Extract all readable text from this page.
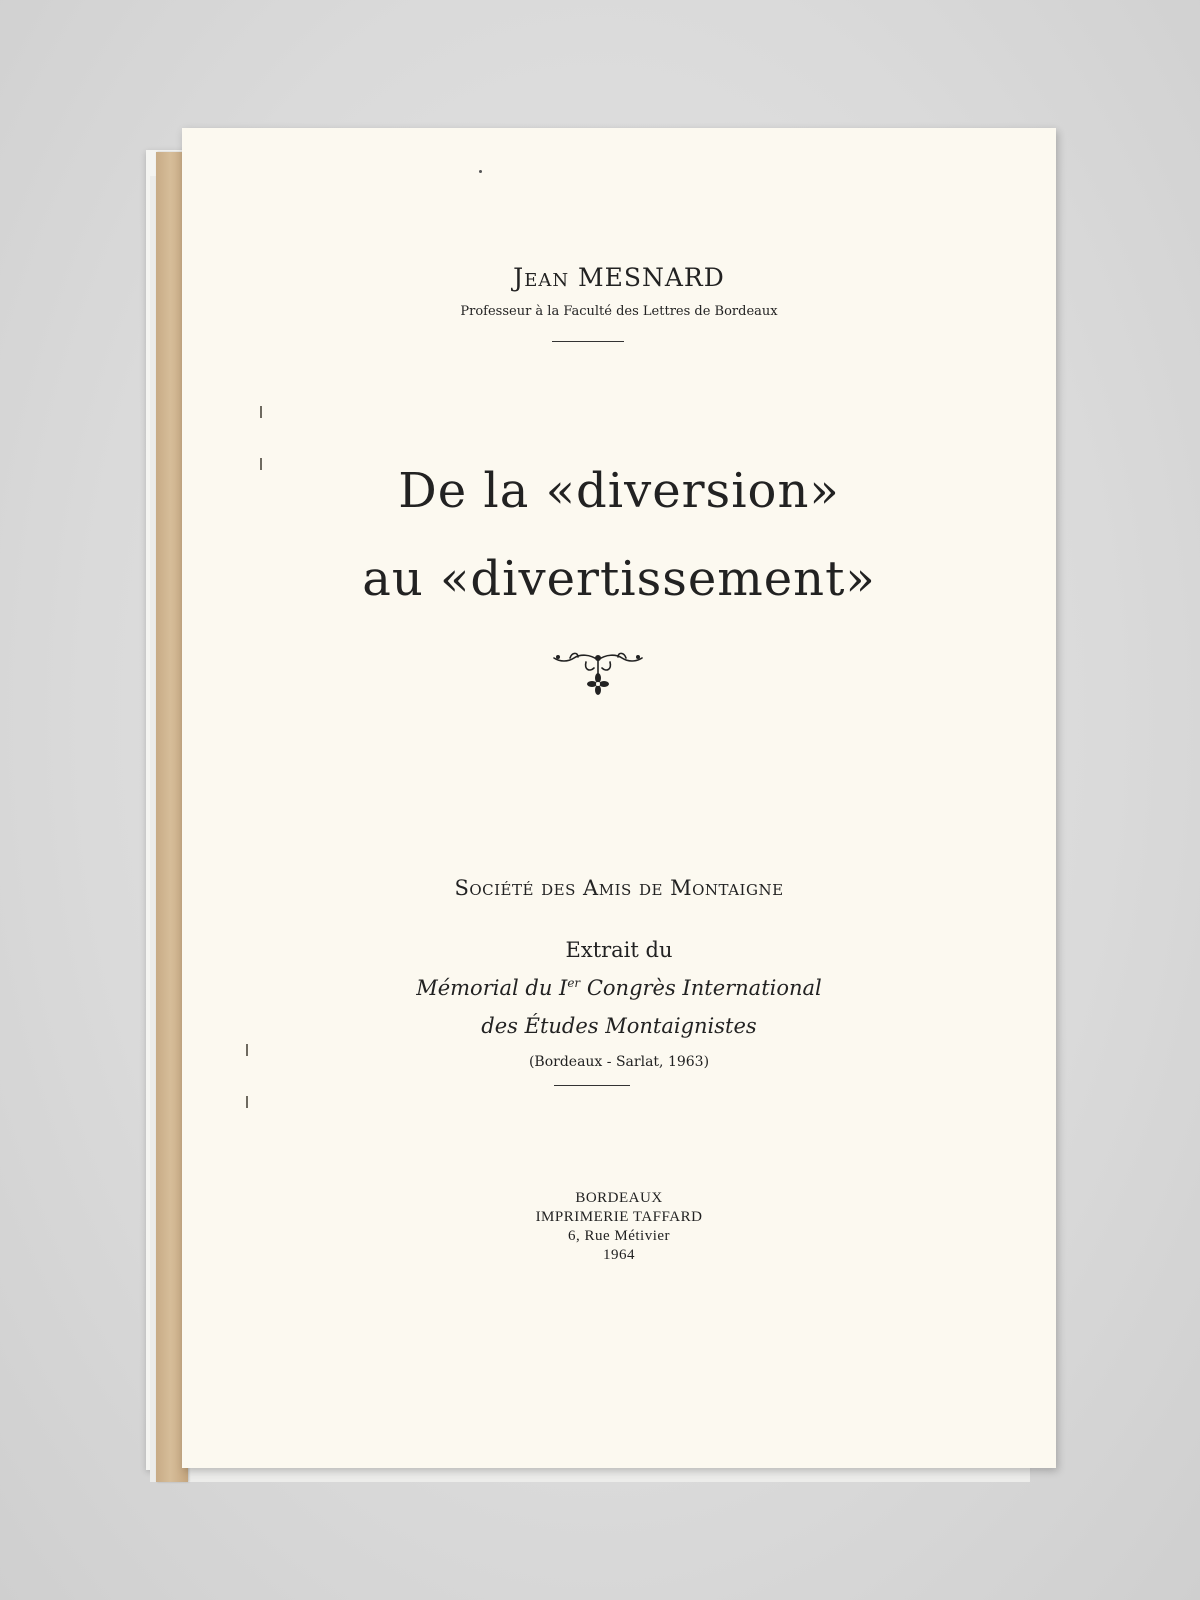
Jean MESNARD
Professeur à la Faculté des Lettres de Bordeaux
De la «diversion»
au «divertissement»
Société des Amis de Montaigne
Extrait du
Mémorial du Ier Congrès International
des Études Montaignistes
(Bordeaux - Sarlat, 1963)
BORDEAUX
IMPRIMERIE TAFFARD
6, Rue Métivier
1964
